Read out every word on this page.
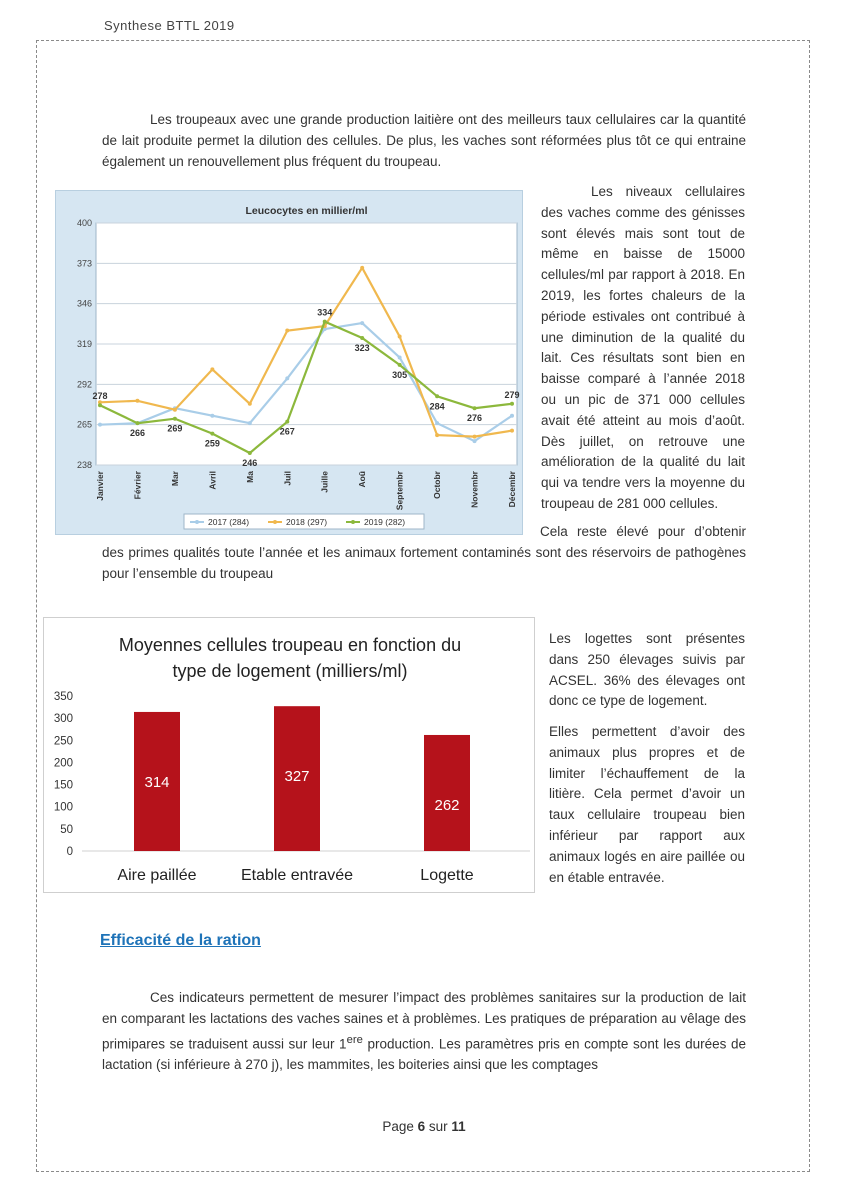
Synthese BTTL 2019

Les troupeaux avec une grande production laitière ont des meilleurs taux cellulaires car la quantité de lait produite permet la dilution des cellules. De plus, les vaches sont réformées plus tôt ce qui entraine également un renouvellement plus fréquent du troupeau.

238
265
292
319
346
373
400
Leucocytes en millier/ml
Janvier	Février	Mar	Avril	Ma	Juil	Juille	Aoû	Septembr	Octobr	Novembr	Décembr
278
266 269
259
246
267
334
323
305
284
276
279
2017 (284)	2018 (297)	2019 (282)

Les niveaux cellulaires des vaches comme des génisses sont élevés mais sont tout de même en baisse de 15000 cellules/ml par rapport à 2018. En 2019, les fortes chaleurs de la période estivales ont contribué à une diminution de la qualité du lait. Ces résultats sont bien en baisse comparé à l’année 2018 ou un pic de 371 000 cellules avait été atteint au mois d’août. Dès juillet, on retrouve une amélioration de la qualité du lait qui va tendre vers la moyenne du troupeau de 281 000 cellules.

Cela reste élevé pour d’obtenir des primes qualités toute l’année et les animaux fortement contaminés sont des réservoirs de pathogènes pour l’ensemble du troupeau

Moyennes cellules troupeau en fonction du
type de logement (milliers/ml)
0
50
100
150
200
250
300
350
314
Aire paillée
327
Etable entravée
262
Logette

Les logettes sont présentes dans 250 élevages suivis par ACSEL. 36% des élevages ont donc ce type de logement.

Elles permettent d’avoir des animaux plus propres et de limiter l’échauffement de la litière. Cela permet d’avoir un taux cellulaire troupeau bien inférieur par rapport aux animaux logés en aire paillée ou en étable entravée.

Efficacité de la ration

Ces indicateurs permettent de mesurer l’impact des problèmes sanitaires sur la production de lait en comparant les lactations des vaches saines et à problèmes. Les pratiques de préparation au vêlage des primipares se traduisent aussi sur leur 1ere production. Les paramètres pris en compte sont les durées de lactation (si inférieure à 270 j), les mammites, les boiteries ainsi que les comptages

Page 6 sur 11
